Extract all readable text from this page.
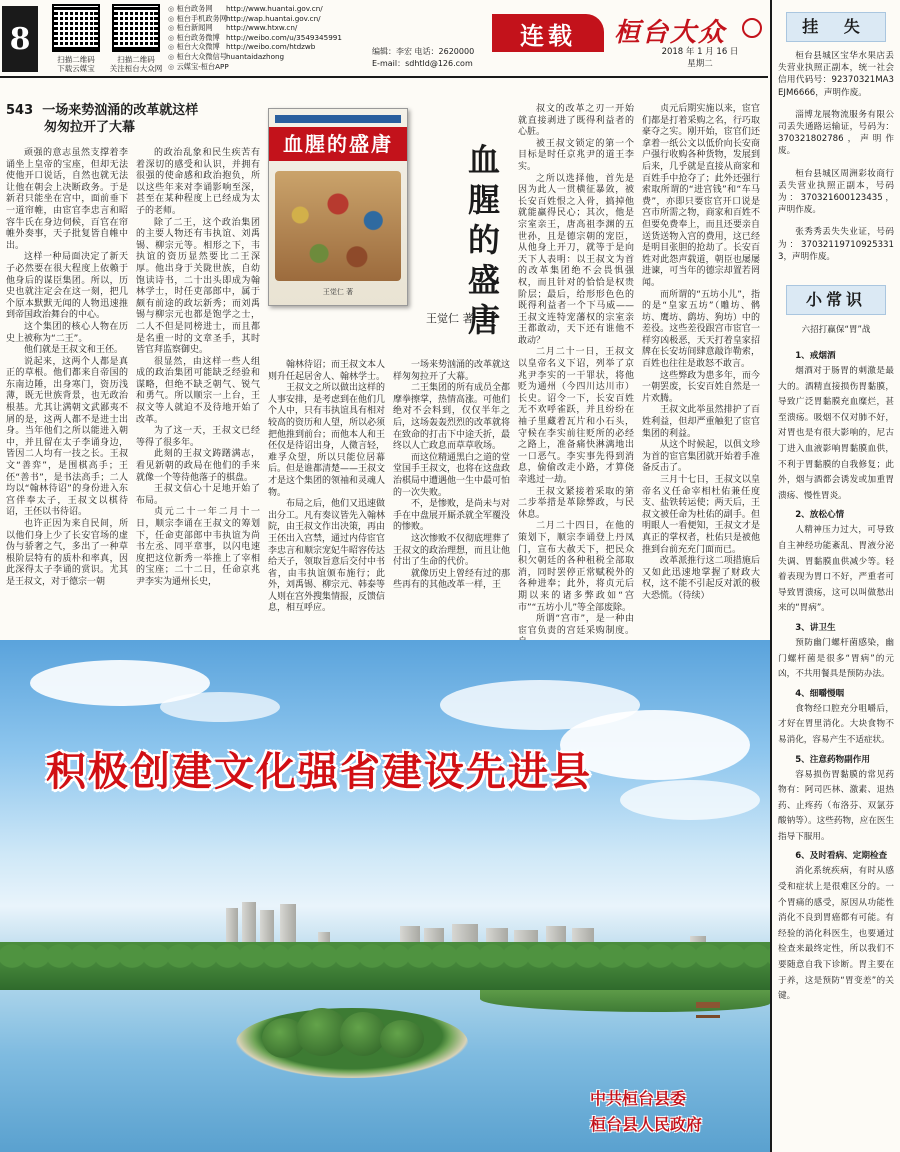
8
扫描二维码
下载云媒宝
扫描二维码
关注桓台大众网
◎ 桓台政务网	http://www.huantai.gov.cn/
◎ 桓台手机政务网 http://wap.huantai.gov.cn/
◎ 桓台新闻网	http://www.htxw.cn/
◎ 桓台政务微博 http://weibo.com/u/3549345991
◎ 桓台大众微博 http://weibo.com/htdzwb
◎ 桓台大众微信号 huantaidazhong
◎ 云媒宝-桓台APP
编辑：李宏 电话：2620000
E-mail：sdhtld@126.com
连载	桓台大众
2018 年 1 月 16 日
星期二
543 一场来势汹涌的改革就这样
匆匆拉开了大幕

顽强的意志虽然支撑着李诵坐上皇帝的宝座，但却无法使他开口说话，自然也就无法让他在朝会上决断政务。于是新君只能坐在宫中，面前垂下一道帘帷，由宦官李忠言和昭容牛氏在身边伺候，百官在帘帷外奏事，天子批复皆自帷中出。

这样一种局面决定了新天子必然要在很大程度上依赖于他身后的谋臣集团。所以，历史也就注定会在这一刻，把几个原本默默无闻的人物迅速推到帝国政治舞台的中心。

这个集团的核心人物在历史上被称为“二王”。

他们就是王叔文和王伾。

说起来，这两个人都是真正的草根。他们都来自帝国的东南边陲，出身寒门，资历浅薄，既无世族背景，也无政治根基。尤其让满朝文武鄙夷不屑的是，这两人都不是进士出身。当年他们之所以能进入朝中，并且留在太子李诵身边，皆因二人均有一技之长。王叔文“善弈”，是围棋高手；王伾“善书”，是书法高手；二人均以“翰林待诏”的身份进入东宫伴奉太子，王叔文以棋待诏，王伾以书待诏。

也许正因为来自民间，所以他们身上少了长安官场的虚伪与骄奢之气，多出了一种草根阶层特有的质朴和率真，因此深得太子李诵的赏识。尤其是王叔文，对于德宗一朝

的政治乱象和民生疾苦有着深切的感受和认识，并拥有很强的使命感和政治抱负，所以这些年来对李诵影响至深，甚至在某种程度上已经成为太子的老师。

除了二王，这个政治集团的主要人物还有韦执谊、刘禹锡、柳宗元等。相形之下，韦执谊的资历显然要比二王深厚。他出身于关陇世族，自幼饱读诗书，二十出头即成为翰林学士，时任吏部郎中，属于颇有前途的政坛新秀；而刘禹锡与柳宗元也都是饱学之士，二人不但是同榜进士，而且都是名重一时的文章圣手，其时皆官拜监察御史。

很显然，由这样一些人组成的政治集团可能缺乏经验和谋略，但绝不缺乏朝气、锐气和勇气。所以顺宗一上台，王叔文等人就迫不及待地开始了改革。

为了这一天，王叔文已经等得了很多年。

此刻的王叔文踌躇满志，看见新朝的政局在他们的手来就像一个等待他落子的棋盘。

王叔文信心十足地开始了布局。

贞元二十一年二月十一日，顺宗李诵在王叔文的筹划下，任命吏部郎中韦执谊为尚书左丞、同平章事，以闪电速度把这位新秀一举推上了宰相的宝座；二十二日，任命京兆尹李实为通州长史，

血腥的盛唐
王觉仁 著
血
腥
的
盛
唐
王觉仁 著

翰林待诏；而王叔文本人则升任起居舍人、翰林学士。

王叔文之所以做出这样的人事安排，是考虑到在他们几个人中，只有韦执谊具有相对较高的资历和人望，所以必须把他推到前台；而他本人和王伾仅是待诏出身，人微言轻，难孚众望，所以只能位居幕后。但是谁都清楚——王叔文才是这个集团的领袖和灵魂人物。

布局之后，他们又迅速做出分工。凡有奏议皆先入翰林院，由王叔文作出决策，再由王伾出入宫禁，通过内侍宦官李忠言和顺宗宠妃牛昭容传达给天子，领取旨意后交付中书省，由韦执谊颁布施行；此外，刘禹锡、柳宗元、韩泰等人则在宫外搜集情报，反馈信息，相互呼应。

一场来势汹涌的改革就这样匆匆拉开了大幕。

二王集团的所有成员全都摩拳擦掌，热情高涨。可他们绝对不会料到，仅仅半年之后，这场轰轰烈烈的改革就将在致命的打击下中途夭折，最终以人亡政息而草草收场。

而这位精通黑白之道的堂堂国手王叔文，也将在这盘政治棋局中遭遇他一生中最可怕的一次失败。

不，是惨败，是尚未与对手在中盘展开厮杀就全军覆没的惨败。

这次惨败不仅彻底埋葬了王叔文的政治理想，而且让他付出了生命的代价。

就像历史上曾经有过的那些再有的其他改革一样，王

叔文的改革之刃一开始就直接剥进了既得利益者的心脏。

被王叔文锁定的第一个目标是时任京兆尹的道王李实。

之所以选择他，首先是因为此人一贯横征暴敛，被长安百姓恨之入骨，搞掉他就能赢得民心；其次，他是宗室亲王，唐高祖李渊的五世孙，且是德宗朝的宠臣，从他身上开刀，就等于是向天下人表明：以王叔文为首的改革集团绝不会畏惧强权，而且针对的恰恰是权贵阶层；最后，给形形色色的既得利益者一个下马威——王叔文连特宠藩权的宗室亲王都敢动，天下还有谁他不敢动？

二月二十一日，王叔文以皇帝名义下诏，列举了京兆尹李实的一干罪状，将他贬为通州（今四川达川市）长史。诏令一下，长安百姓无不欢呼雀跃，并且纷纷在袖子里藏着瓦片和小石头，守候在李实前往贬所的必经之路上，准备痛快淋漓地出一口恶气。李实事先得到消息，偷偷改走小路，才算侥幸逃过一劫。

王叔文紧接着采取的第二步举措是革除弊政，与民休息。

二月二十四日，在他的策划下，顺宗李诵登上丹凤门，宣布大赦天下，把民众积欠朝廷的各种租税全部取消，同时罢停正常赋税外的各种进奉；此外，将贞元后期以来的诸多弊政如“宫市”“五坊小儿”等全部废除。

所谓“宫市”，是一种由宦官负责的宫廷采购制度。

贞元后期实施以来，宦官们都是打着采购之名，行巧取豪夺之实。刚开始，宦官们还拿着一纸公文以低价向长安商户强行收购各种货物，发展到后来，几乎就是直接从商家和百姓手中抢夺了；此外还强行索取所谓的“进宫钱”和“车马费”，亦即只要宦官开口说是宫市所需之物，商家和百姓不但要免费奉上，而且还要亲自送货送物入宫的费用，这已经是明目张胆的抢劫了。长安百姓对此怨声载道，朝臣也屡屡进谏，可当年的德宗却置若罔闻。

而所谓的“五坊小儿”，指的是“皇家五坊”（雕坊、鹘坊、鹰坊、鹞坊、狗坊）中的差役。这些差役跟宫市宦官一样穷凶极恶，天天打着皇家招牌在长安坊间肆意敲诈勒索，百姓也往往是敢怒不敢言。

这些弊政为患多年，而今一朝罢废，长安百姓自然是一片欢腾。

王叔文此举虽然排护了百姓利益，但却严重触犯了宦官集团的利益。

从这个时候起，以俱文珍为首的宦官集团就开始着手准备反击了。

三月十七日，王叔文以皇帝名义任命宰相杜佑兼任度支、盐铁转运使；两天后，王叔文被任命为杜佑的副手。但明眼人一看便知，王叔文才是真正的掌权者，杜佑只是被他推到台前充充门面而已。

改革派推行这二项措施后又如此迅速地掌握了财政大权，这不能不引起反对派的极大恐慌。（待续）

积极创建文化强省建设先进县
中共桓台县委
桓台县人民政府
挂 失
桓台县城区宝华水果店丢失营业执照正副本，统一社会信用代码号：92370321MA3EJM6666，声明作废。
淄博龙展物流服务有限公司丢失通路运输证，号码为：370321802786，声明作废。
桓台县城区周洲彩妆商行丢失营业执照正副本，号码为：370321600123435，声明作废。
张秀秀丢失失业证，号码为：370321197109253313，声明作废。
小常识
六招打赢保“胃”战
1、戒烟酒
烟酒对于肠胃的刺激是最大的。酒精直接损伤胃黏膜，导致广泛胃黏膜充血糜烂，甚至溃疡。吸烟不仅对肺不好，对胃也是有很大影响的，尼古丁进入血液影响胃黏膜血供，不利于胃黏膜的自我修复；此外，烟与酒都会诱发或加重胃溃疡、慢性胃炎。
2、放松心情
人精神压力过大，可导致自主神经功能紊乱、胃液分泌失调、胃黏膜血供减少等。轻着表现为胃口不好，严重者可导致胃溃疡，这可以叫做愁出来的“胃病”。
3、讲卫生
预防幽门螺杆菌感染，幽门螺杆菌是很多“胃病”的元凶，不共用餐具是预防办法。
4、细嚼慢咽
食物经口腔充分咀嚼后，才好在胃里消化。大块食物不易消化，容易产生不适症状。
5、注意药物副作用
容易损伤胃黏膜的常见药物有：阿司匹林、激素、退热药、止疼药（布洛芬、双氯芬酸钠等）。这些药物，应在医生指导下服用。
6、及时看病、定期检查
消化系统疾病，有时从感受和症状上是很难区分的。一个胃痛的感受，原因从功能性消化不良到胃癌都有可能。有经验的消化科医生，也要通过检查来最终定性，所以我们不要随意自我下诊断。胃主要在于养，这是预防“胃变差”的关键。
